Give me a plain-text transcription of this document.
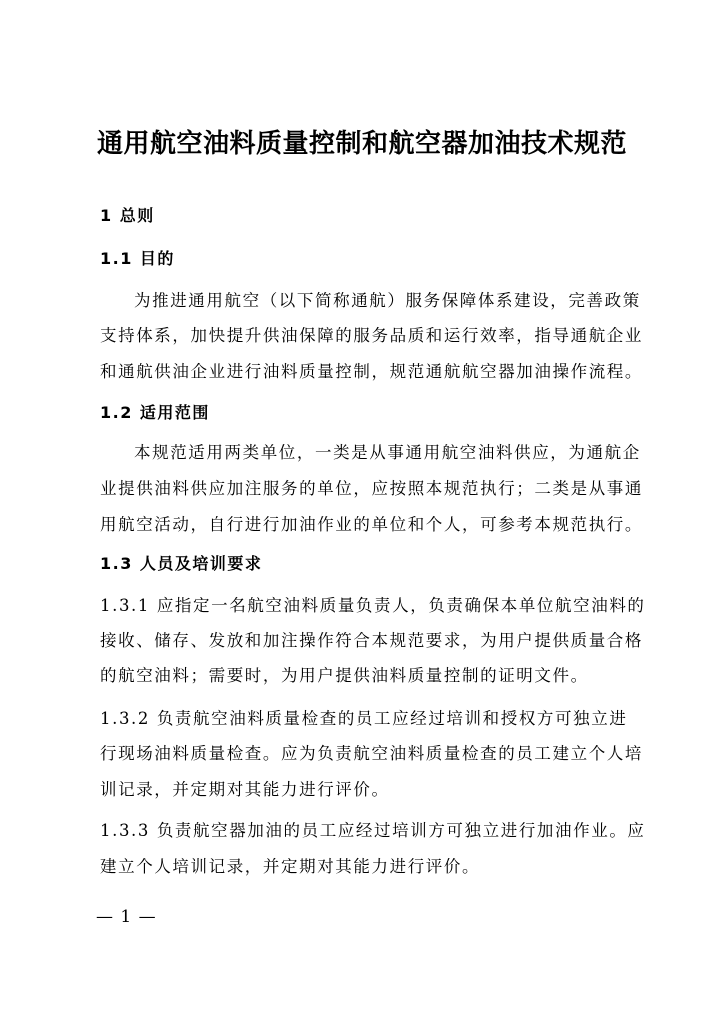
通用航空油料质量控制和航空器加油技术规范
1 总则
1.1 目的
为推进通用航空（以下简称通航）服务保障体系建设，完善政策
支持体系，加快提升供油保障的服务品质和运行效率，指导通航企业
和通航供油企业进行油料质量控制，规范通航航空器加油操作流程。
1.2 适用范围
本规范适用两类单位，一类是从事通用航空油料供应，为通航企
业提供油料供应加注服务的单位，应按照本规范执行；二类是从事通
用航空活动，自行进行加油作业的单位和个人，可参考本规范执行。
1.3 人员及培训要求
1.3.1 应指定一名航空油料质量负责人，负责确保本单位航空油料的
接收、储存、发放和加注操作符合本规范要求，为用户提供质量合格
的航空油料；需要时，为用户提供油料质量控制的证明文件。
1.3.2 负责航空油料质量检查的员工应经过培训和授权方可独立进
行现场油料质量检查。应为负责航空油料质量检查的员工建立个人培
训记录，并定期对其能力进行评价。
1.3.3 负责航空器加油的员工应经过培训方可独立进行加油作业。应
建立个人培训记录，并定期对其能力进行评价。
— 1 —
